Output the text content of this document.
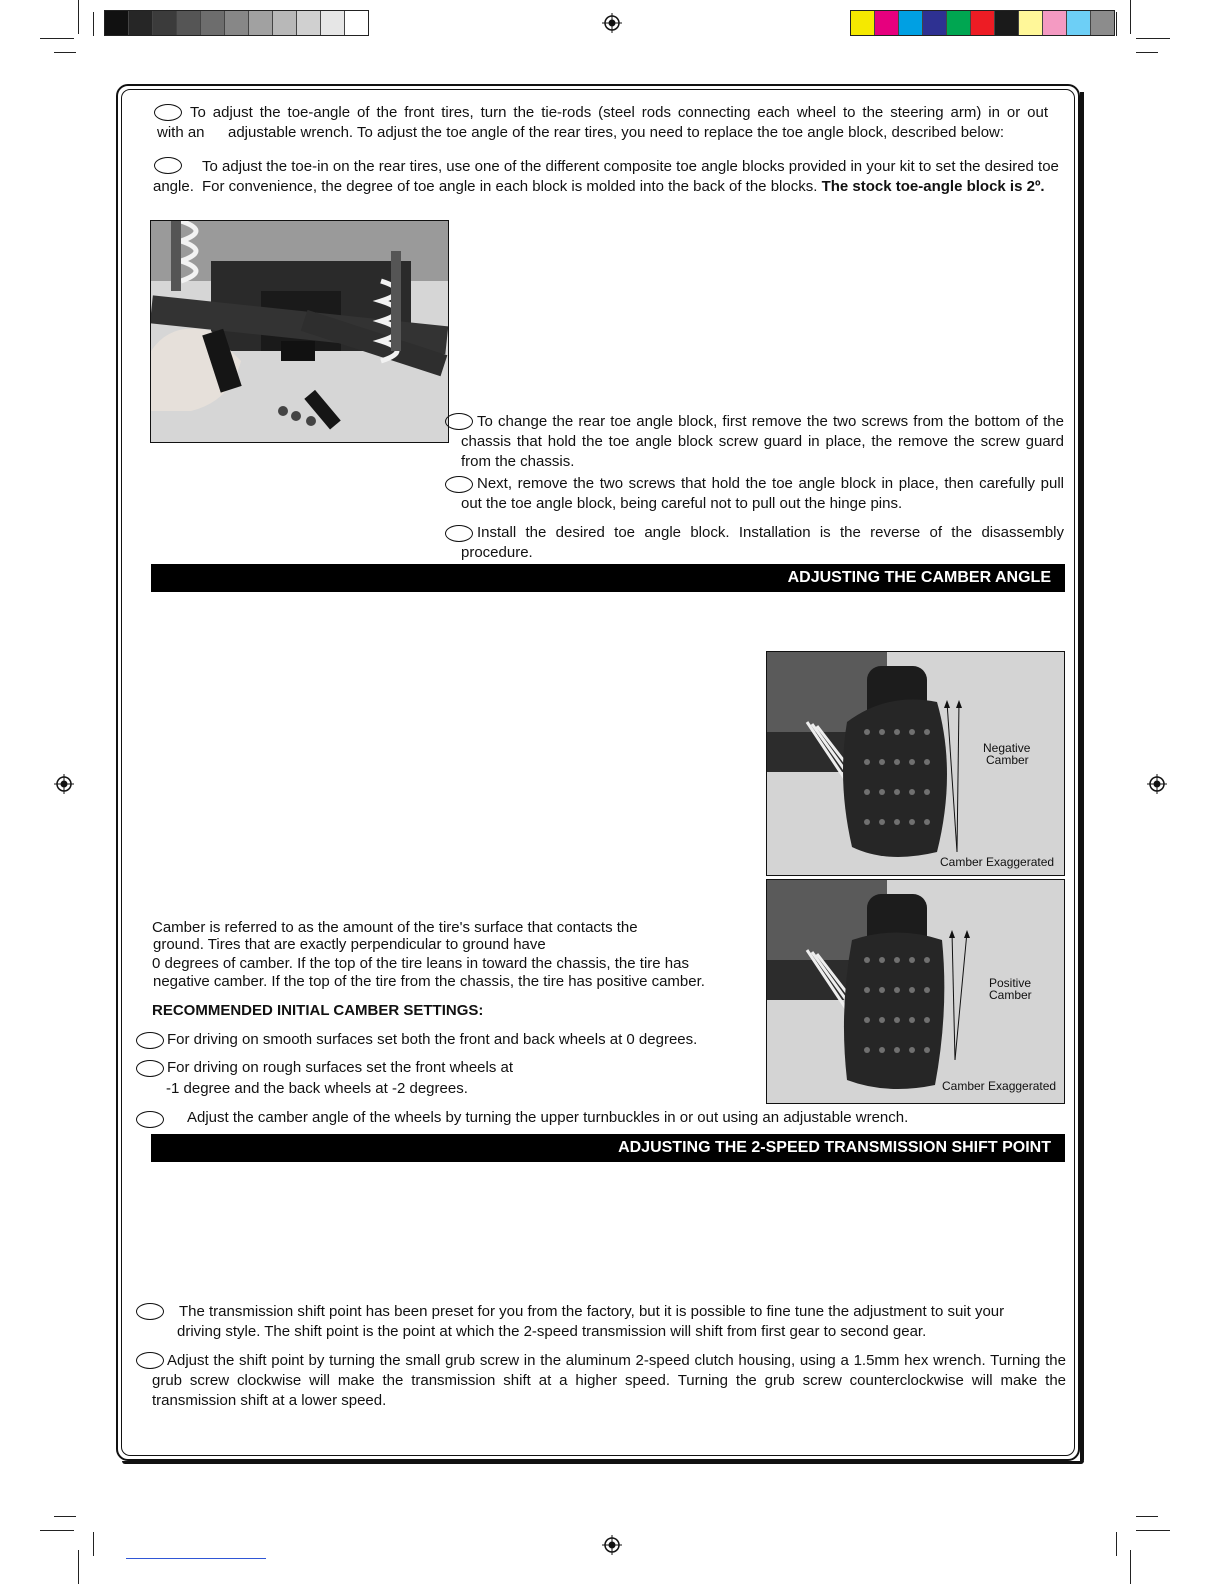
To adjust the toe-angle of the front tires, turn the tie-rods (steel rods connecting each wheel to the steering arm) in or out
with an adjustable wrench. To adjust the toe angle of the rear tires, you need to replace the toe angle block, described below:
To adjust the toe-in on the rear tires, use one of the different composite toe angle blocks provided in your kit to set the desired toe
angle. For convenience, the degree of toe angle in each block is molded into the back of the blocks. The stock toe-angle block is 2º.
To change the rear toe angle block, first remove the two screws from the bottom of the
chassis that hold the toe angle block screw guard in place, the remove the screw guard
from the chassis.
Next, remove the two screws that hold the toe angle block in place, then carefully pull
out the toe angle block, being careful not to pull out the hinge pins.
Install the desired toe angle block. Installation is the reverse of the disassembly
procedure.
ADJUSTING THE CAMBER ANGLE
Negative
Camber
Camber Exaggerated
Positive
Camber
Camber Exaggerated
Camber is referred to as the amount of the tire's surface that contacts the
ground. Tires that are exactly perpendicular to ground have
0 degrees of camber. If the top of the tire leans in toward the chassis, the tire has
negative camber. If the top of the tire from the chassis, the tire has positive camber.
RECOMMENDED INITIAL CAMBER SETTINGS:
For driving on smooth surfaces set both the front and back wheels at 0 degrees.
For driving on rough surfaces set the front wheels at
-1 degree and the back wheels at -2 degrees.
Adjust the camber angle of the wheels by turning the upper turnbuckles in or out using an adjustable wrench.
ADJUSTING THE 2-SPEED TRANSMISSION SHIFT POINT
The transmission shift point has been preset for you from the factory, but it is possible to fine tune the adjustment to suit your
driving style. The shift point is the point at which the 2-speed transmission will shift from first gear to second gear.
Adjust the shift point by turning the small grub screw in the aluminum 2-speed clutch housing, using a 1.5mm hex wrench. Turning the
grub screw clockwise will make the transmission shift at a higher speed. Turning the grub screw counterclockwise will make the
transmission shift at a lower speed.
